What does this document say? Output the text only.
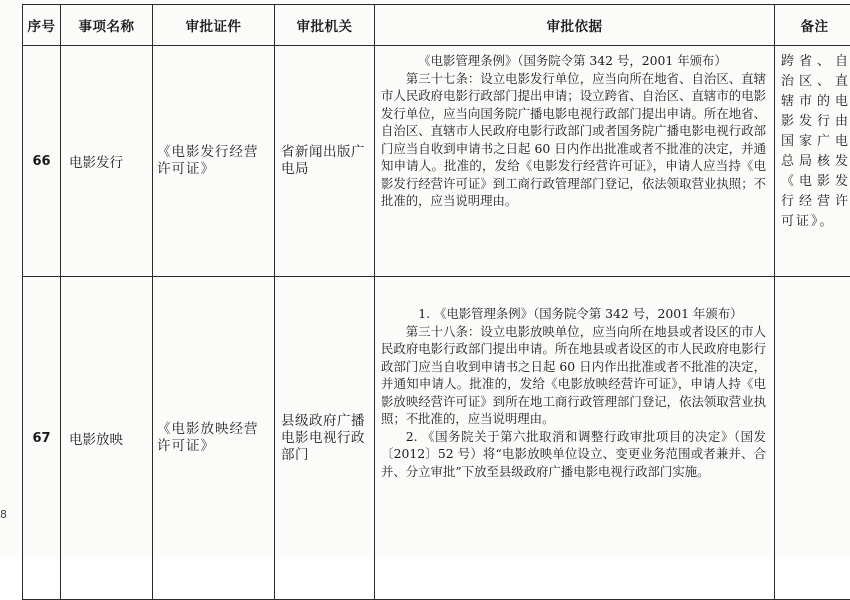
序号	事项名称	审批证件	审批机关	审批依据	备注
66	电影发行	《电影发行经营许可证》	省新闻出版广电局	《电影管理条例》（国务院令第 342 号，2001 年颁布）

第三十七条：设立电影发行单位，应当向所在地省、自治区、直辖市人民政府电影行政部门提出申请；设立跨省、自治区、直辖市的电影发行单位，应当向国务院广播电影电视行政部门提出申请。所在地省、自治区、直辖市人民政府电影行政部门或者国务院广播电影电视行政部门应当自收到申请书之日起 60 日内作出批准或者不批准的决定，并通知申请人。批准的，发给《电影发行经营许可证》，申请人应当持《电影发行经营许可证》到工商行政管理部门登记，依法领取营业执照；不批准的，应当说明理由。	跨省、自治区、直辖市的电影发行由国家广电总局核发《电影发行经营许可证》。
67	电影放映	《电影放映经营许可证》	县级政府广播电影电视行政部门	1. 《电影管理条例》（国务院令第 342 号，2001 年颁布）

第三十八条：设立电影放映单位，应当向所在地县或者设区的市人民政府电影行政部门提出申请。所在地县或者设区的市人民政府电影行政部门应当自收到申请书之日起 60 日内作出批准或者不批准的决定，并通知申请人。批准的，发给《电影放映经营许可证》，申请人持《电影放映经营许可证》到所在地工商行政管理部门登记，依法领取营业执照；不批准的，应当说明理由。

2. 《国务院关于第六批取消和调整行政审批项目的决定》（国发〔2012〕52 号）将“电影放映单位设立、变更业务范围或者兼并、合并、分立审批”下放至县级政府广播电影电视行政部门实施。	

8
